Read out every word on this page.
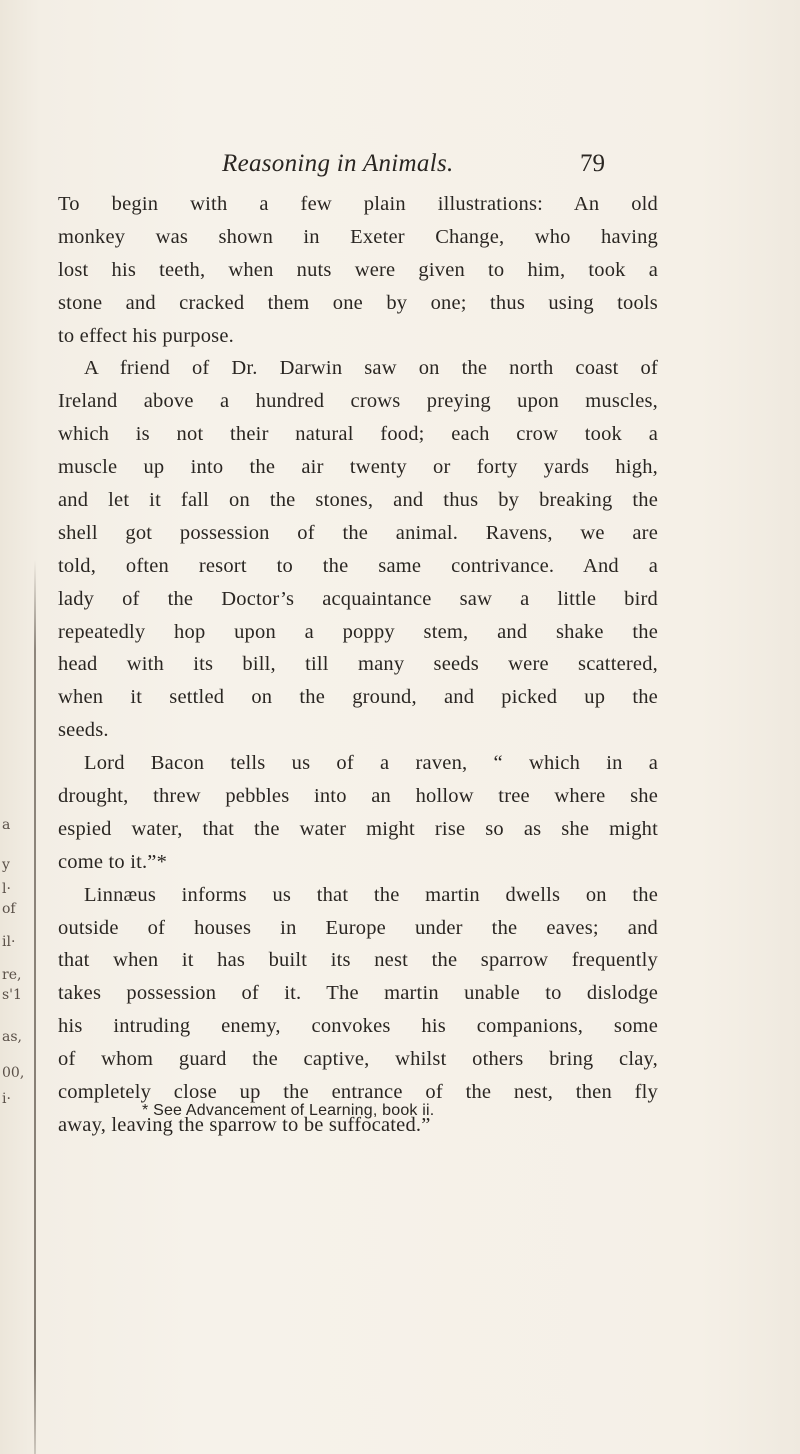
a
y
l·
of
il·
re,
s'1
as,
00,
i·
Reasoning in Animals.	79
To begin with a few plain illustrations: An old
monkey was shown in Exeter Change, who having
lost his teeth, when nuts were given to him, took a
stone and cracked them one by one; thus using tools
to effect his purpose.
A friend of Dr. Darwin saw on the north coast of
Ireland above a hundred crows preying upon muscles,
which is not their natural food; each crow took a
muscle up into the air twenty or forty yards high,
and let it fall on the stones, and thus by breaking the
shell got possession of the animal. Ravens, we are
told, often resort to the same contrivance. And a
lady of the Doctor’s acquaintance saw a little bird
repeatedly hop upon a poppy stem, and shake the
head with its bill, till many seeds were scattered,
when it settled on the ground, and picked up the
seeds.
Lord Bacon tells us of a raven, “ which in a
drought, threw pebbles into an hollow tree where she
espied water, that the water might rise so as she might
come to it.”*
Linnæus informs us that the martin dwells on the
outside of houses in Europe under the eaves; and
that when it has built its nest the sparrow frequently
takes possession of it. The martin unable to dislodge
his intruding enemy, convokes his companions, some
of whom guard the captive, whilst others bring clay,
completely close up the entrance of the nest, then fly
away, leaving the sparrow to be suffocated.”
* See Advancement of Learning, book ii.
